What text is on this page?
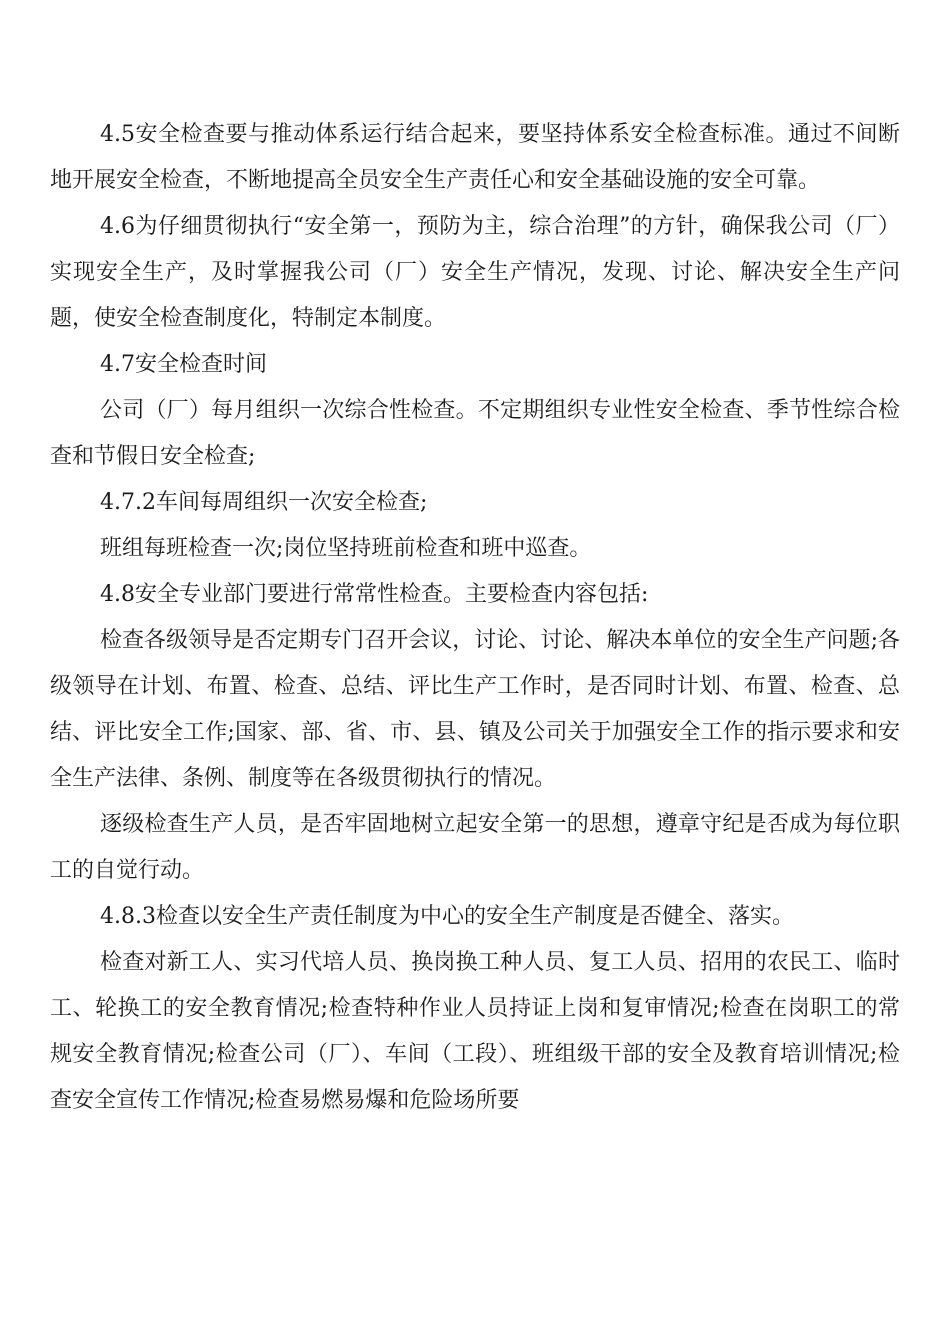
4.5安全检查要与推动体系运行结合起来，要坚持体系安全检查标准。通过不间断地开展安全检查，不断地提高全员安全生产责任心和安全基础设施的安全可靠。

4.6为仔细贯彻执行“安全第一，预防为主，综合治理”的方针，确保我公司（厂）实现安全生产，及时掌握我公司（厂）安全生产情况，发现、讨论、解决安全生产问题，使安全检查制度化，特制定本制度。

4.7安全检查时间

公司（厂）每月组织一次综合性检查。不定期组织专业性安全检查、季节性综合检查和节假日安全检查;

4.7.2车间每周组织一次安全检查;

班组每班检查一次;岗位坚持班前检查和班中巡查。

4.8安全专业部门要进行常常性检查。主要检查内容包括:

检查各级领导是否定期专门召开会议，讨论、讨论、解决本单位的安全生产问题;各级领导在计划、布置、检查、总结、评比生产工作时，是否同时计划、布置、检查、总结、评比安全工作;国家、部、省、市、县、镇及公司关于加强安全工作的指示要求和安全生产法律、条例、制度等在各级贯彻执行的情况。

逐级检查生产人员，是否牢固地树立起安全第一的思想，遵章守纪是否成为每位职工的自觉行动。

4.8.3检查以安全生产责任制度为中心的安全生产制度是否健全、落实。

检查对新工人、实习代培人员、换岗换工种人员、复工人员、招用的农民工、临时工、轮换工的安全教育情况;检查特种作业人员持证上岗和复审情况;检查在岗职工的常规安全教育情况;检查公司（厂）、车间（工段）、班组级干部的安全及教育培训情况;检查安全宣传工作情况;检查易燃易爆和危险场所要
